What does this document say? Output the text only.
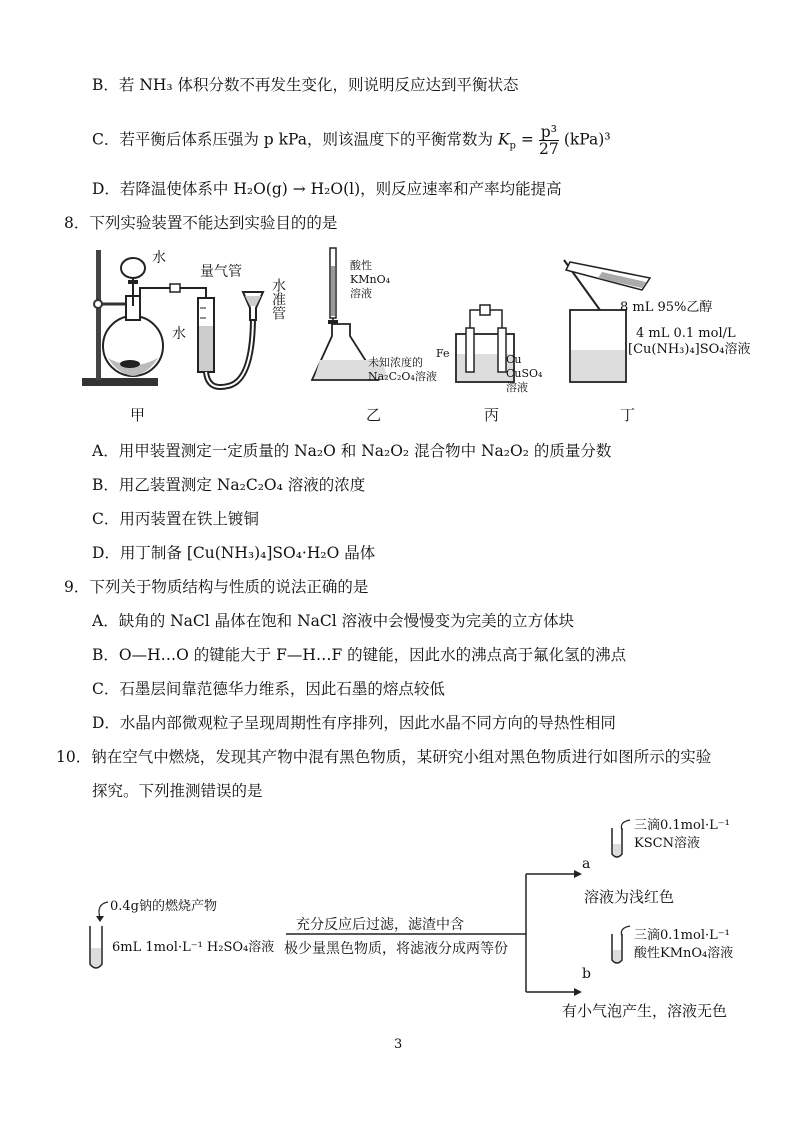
B．若 NH₃ 体积分数不再发生变化，则说明反应达到平衡状态
C．若平衡后体系压强为 p kPa，则该温度下的平衡常数为 $K_p = \frac{\text{p³}}{27} (kPa)^3$
D．若降温使体系中 H₂O(g) → H₂O(l)，则反应速率和产率均能提高
8．下列实验装置不能达到实验目的的是
水
量气管
水
水准管
酸性
KMnO₄
溶液
未知浓度的
Na₂C₂O₄溶液
Fe	Cu
CuSO₄
溶液
8 mL 95%乙醇
4 mL 0.1 mol/L
[Cu(NH₃)₄]SO₄溶液
甲	乙	丙	丁
A．用甲装置测定一定质量的 Na₂O 和 Na₂O₂ 混合物中 Na₂O₂ 的质量分数
B．用乙装置测定 Na₂C₂O₄ 溶液的浓度
C．用丙装置在铁上镀铜
D．用丁制备 [Cu(NH₃)₄]SO₄·H₂O 晶体
9．下列关于物质结构与性质的说法正确的是
A．缺角的 NaCl 晶体在饱和 NaCl 溶液中会慢慢变为完美的立方体块
B．O—H…O 的键能大于 F—H…F 的键能，因此水的沸点高于氟化氢的沸点
C．石墨层间靠范德华力维系，因此石墨的熔点较低
D．水晶内部微观粒子呈现周期性有序排列，因此水晶不同方向的导热性相同
10．钠在空气中燃烧，发现其产物中混有黑色物质，某研究小组对黑色物质进行如图所示的实验
探究。下列推测错误的是
0.4g钠的燃烧产物
6mL 1mol·L⁻¹ H₂SO₄溶液
充分反应后过滤，滤渣中含
极少量黑色物质，将滤液分成两等份
a
b
三滴0.1mol·L⁻¹
KSCN溶液
溶液为浅红色
三滴0.1mol·L⁻¹
酸性KMnO₄溶液
有小气泡产生，溶液无色
3
